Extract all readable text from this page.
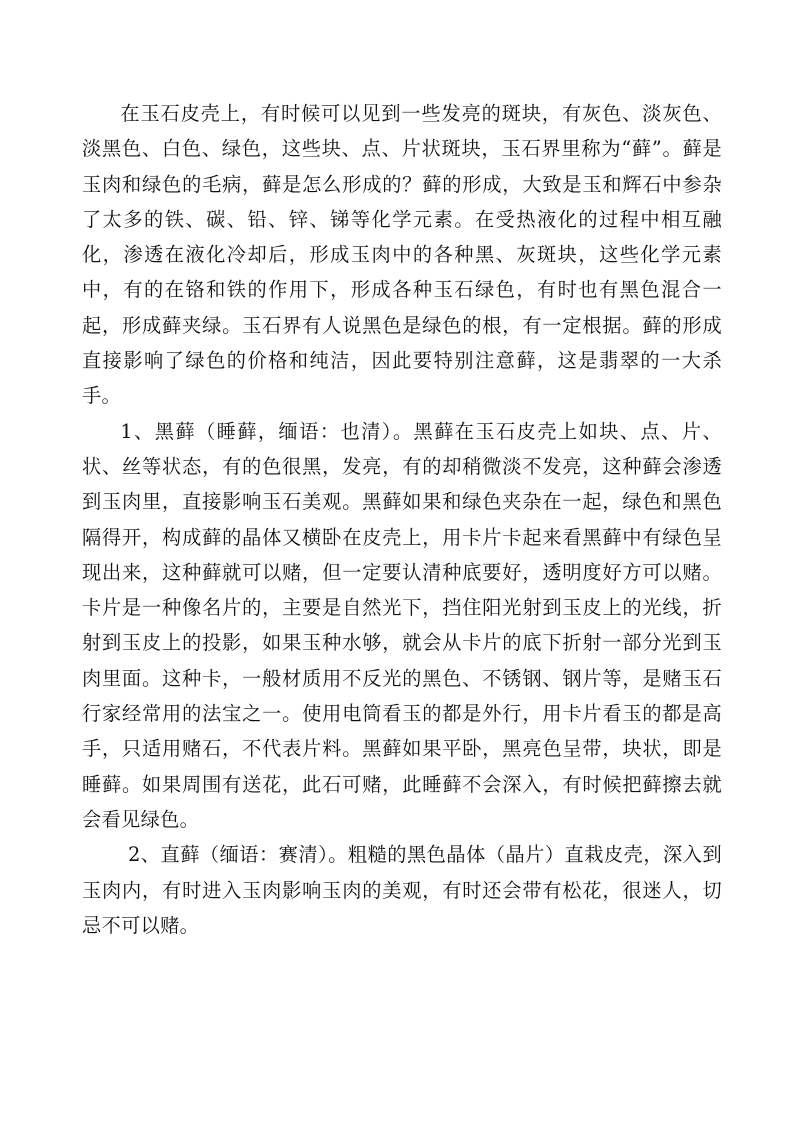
在玉石皮壳上，有时候可以见到一些发亮的斑块，有灰色、淡灰色、淡黑色、白色、绿色，这些块、点、片状斑块，玉石界里称为“藓”。藓是玉肉和绿色的毛病，藓是怎么形成的？藓的形成，大致是玉和辉石中参杂了太多的铁、碳、铅、锌、锑等化学元素。在受热液化的过程中相互融化，渗透在液化冷却后，形成玉肉中的各种黑、灰斑块，这些化学元素中，有的在铬和铁的作用下，形成各种玉石绿色，有时也有黑色混合一起，形成藓夹绿。玉石界有人说黑色是绿色的根，有一定根据。藓的形成直接影响了绿色的价格和纯洁，因此要特别注意藓，这是翡翠的一大杀手。

1、黑藓（睡藓，缅语：也清）。黑藓在玉石皮壳上如块、点、片、状、丝等状态，有的色很黑，发亮，有的却稍微淡不发亮，这种藓会渗透到玉肉里，直接影响玉石美观。黑藓如果和绿色夹杂在一起，绿色和黑色隔得开，构成藓的晶体又横卧在皮壳上，用卡片卡起来看黑藓中有绿色呈现出来，这种藓就可以赌，但一定要认清种底要好，透明度好方可以赌。卡片是一种像名片的，主要是自然光下，挡住阳光射到玉皮上的光线，折射到玉皮上的投影，如果玉种水够，就会从卡片的底下折射一部分光到玉肉里面。这种卡，一般材质用不反光的黑色、不锈钢、钢片等，是赌玉石行家经常用的法宝之一。使用电筒看玉的都是外行，用卡片看玉的都是高手，只适用赌石，不代表片料。黑藓如果平卧，黑亮色呈带，块状，即是睡藓。如果周围有送花，此石可赌，此睡藓不会深入，有时候把藓擦去就会看见绿色。

2、直藓（缅语：赛清）。粗糙的黑色晶体（晶片）直栽皮壳，深入到玉肉内，有时进入玉肉影响玉肉的美观，有时还会带有松花，很迷人，切忌不可以赌。
